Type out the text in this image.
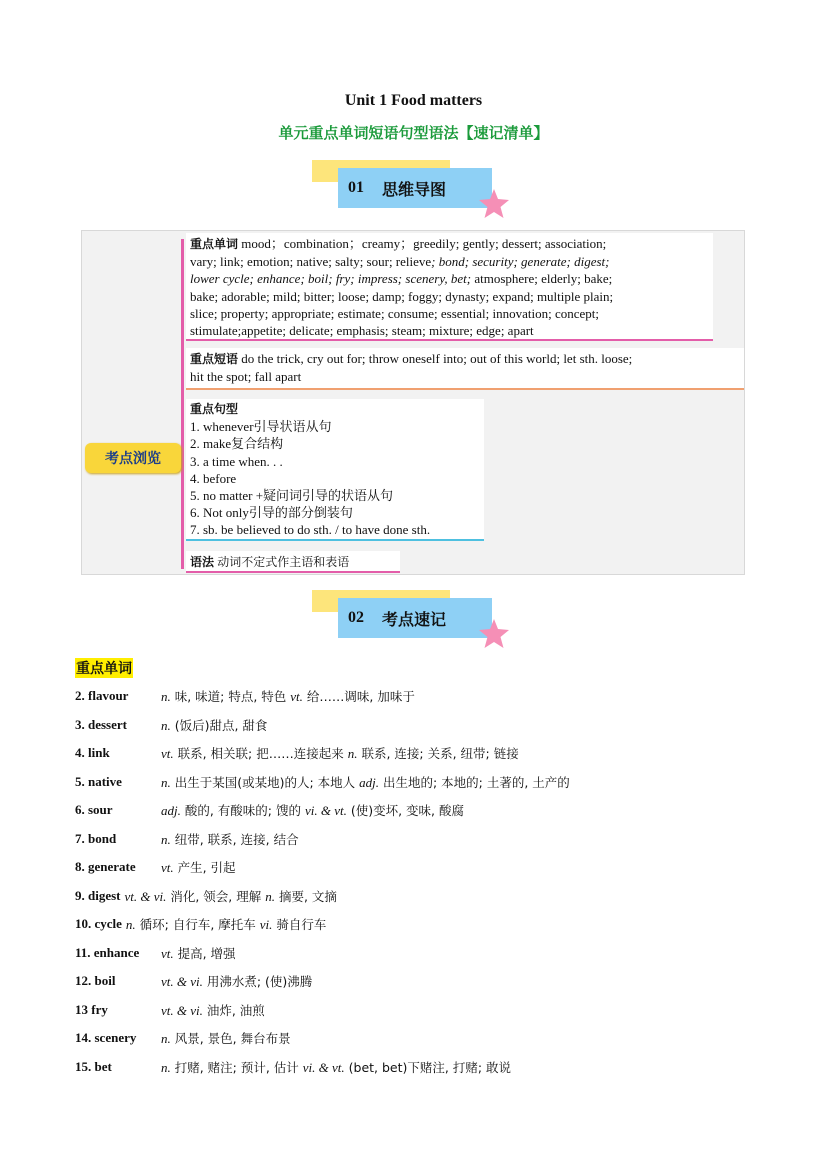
Unit 1 Food matters
单元重点单词短语句型语法【速记清单】
01 思维导图
考点浏览
重点单词 mood；combination；creamy；greedily; gently; dessert; association;
vary; link; emotion; native; salty; sour; relieve; bond; security; generate; digest;
lower cycle; enhance; boil; fry; impress; scenery, bet; atmosphere; elderly; bake;
bake; adorable; mild; bitter; loose; damp; foggy; dynasty; expand; multiple plain;
slice; property; appropriate; estimate; consume; essential; innovation; concept;
stimulate;appetite; delicate; emphasis; steam; mixture; edge; apart
重点短语 do the trick, cry out for; throw oneself into; out of this world; let sth. loose;
hit the spot; fall apart
重点句型
1. whenever引导状语从句
2. make复合结构
3. a time when. . .
4. before
5. no matter +疑问词引导的状语从句
6. Not only引导的部分倒装句
7. sb. be believed to do sth. / to have done sth.
语法 动词不定式作主语和表语
02 考点速记
重点单词
2. flavour	n. 味, 味道; 特点, 特色 vt. 给……调味, 加味于
3. dessert	n. (饭后)甜点, 甜食
4. link	vt. 联系, 相关联; 把……连接起来 n. 联系, 连接; 关系, 纽带; 链接
5. native	n. 出生于某国(或某地)的人; 本地人 adj. 出生地的; 本地的; 土著的, 土产的
6. sour	adj. 酸的, 有酸味的; 馊的 vi. & vt. (使)变坏, 变味, 酸腐
7. bond	n. 纽带, 联系, 连接, 结合
8. generate	vt. 产生, 引起
9. digest vt. & vi. 消化, 领会, 理解 n. 摘要, 文摘
10. cycle n. 循环; 自行车, 摩托车 vi. 骑自行车
11. enhance	vt. 提高, 增强
12. boil	vt. & vi. 用沸水煮; (使)沸腾
13 fry	vt. & vi. 油炸, 油煎
14. scenery	n. 风景, 景色, 舞台布景
15. bet	n. 打赌, 赌注; 预计, 估计 vi. & vt. (bet, bet)下赌注, 打赌; 敢说
